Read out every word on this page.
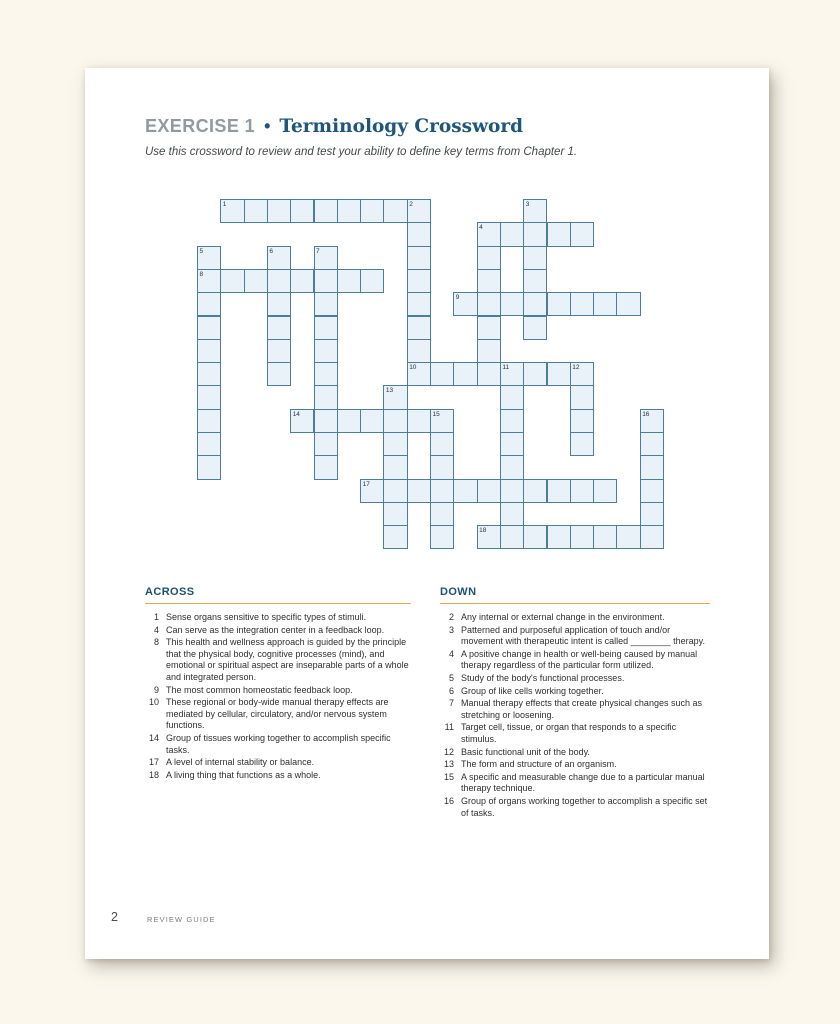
EXERCISE 1 • Terminology Crossword
Use this crossword to review and test your ability to define key terms from Chapter 1.
1	2	3
4
5	6	7
8
9
10	11	12
13
14	15	16
17
18
ACROSS
1 Sense organs sensitive to specific types of stimuli.
4 Can serve as the integration center in a feedback loop.
8 This health and wellness approach is guided by the principle that the physical body, cognitive processes (mind), and emotional or spiritual aspect are inseparable parts of a whole and integrated person.
9 The most common homeostatic feedback loop.
10 These regional or body-wide manual therapy effects are mediated by cellular, circulatory, and/or nervous system functions.
14 Group of tissues working together to accomplish specific tasks.
17 A level of internal stability or balance.
18 A living thing that functions as a whole.
DOWN
2 Any internal or external change in the environment.
3 Patterned and purposeful application of touch and/or movement with therapeutic intent is called ________ therapy.
4 A positive change in health or well-being caused by manual therapy regardless of the particular form utilized.
5 Study of the body's functional processes.
6 Group of like cells working together.
7 Manual therapy effects that create physical changes such as stretching or loosening.
11 Target cell, tissue, or organ that responds to a specific stimulus.
12 Basic functional unit of the body.
13 The form and structure of an organism.
15 A specific and measurable change due to a particular manual therapy technique.
16 Group of organs working together to accomplish a specific set of tasks.
2	REVIEW GUIDE
